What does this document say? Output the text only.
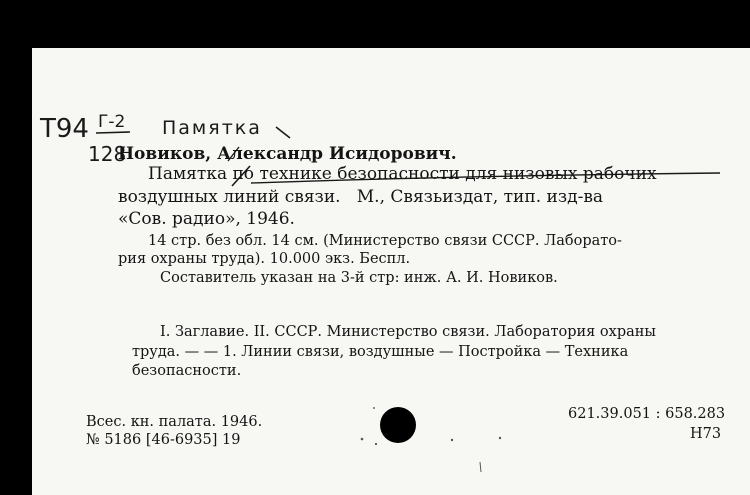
Т94 Г-2
128
Памятка
Новиков, Александр Исидорович.
Памятка по технике безопасности для низовых рабочих
воздушных линий связи.   М., Связьиздат, тип. изд-ва
«Сов. радио», 1946.
14 стр. без обл. 14 см. (Министерство связи СССР. Лаборато-
рия охраны труда). 10.000 экз. Беспл.
Составитель указан на 3-й стр: инж. А. И. Новиков.
I. Заглавие. II. СССР. Министерство связи. Лаборатория охраны
труда. — — 1. Линии связи, воздушные — Постройка — Техника
безопасности.
Всес. кн. палата. 1946.
№ 5186 [46-6935] 19
621.39.051 : 658.283
Н73
